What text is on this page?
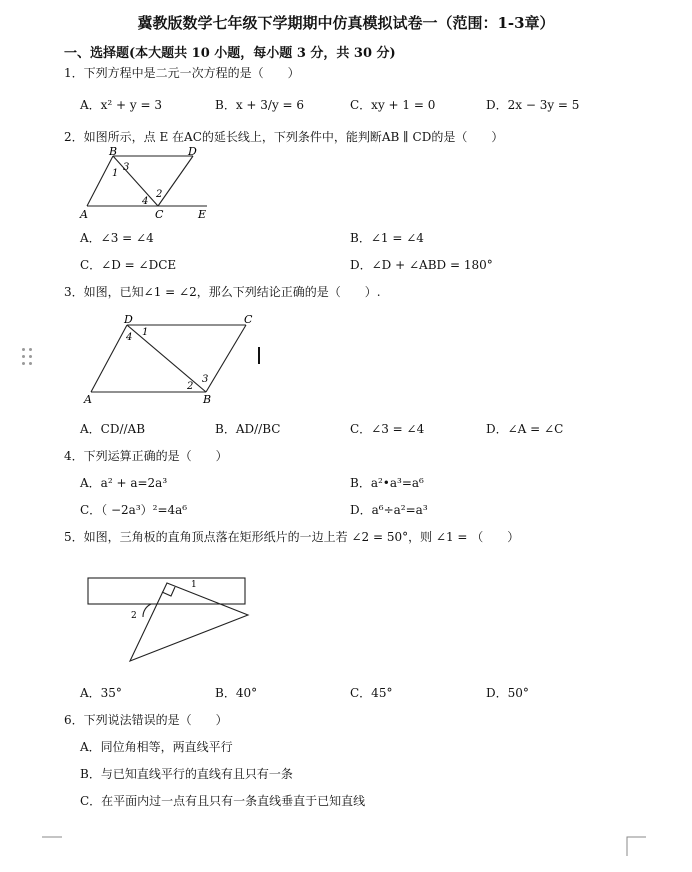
冀教版数学七年级下学期期中仿真模拟试卷一（范围：1-3章）
一、选择题(本大题共 10 小题，每小题 3 分，共 30 分)
1．下列方程中是二元一次方程的是（　　）
A．x² + y = 3	B．x + 3/y = 6	C．xy + 1 = 0	D．2x − 3y = 5
2．如图所示，点 E 在AC的延长线上，下列条件中，能判断AB ∥ CD的是（　　）
B	D
1
3
2
4
A	C	E
A．∠3 = ∠4	B．∠1 = ∠4
C．∠D = ∠DCE	D．∠D + ∠ABD = 180°
3．如图，已知∠1 = ∠2，那么下列结论正确的是（　　）.
D	C
1
4
2
3
A	B
A．CD//AB	B．AD//BC	C．∠3 = ∠4	D．∠A = ∠C
4．下列运算正确的是（　　）
A．a² + a=2a³	B．a²•a³=a⁶
C．（ −2a³）²=4a⁶	D．a⁶÷a²=a³
5．如图，三角板的直角顶点落在矩形纸片的一边上若 ∠2 = 50°，则 ∠1 = （　　）
1
2
A．35°	B．40°	C．45°	D．50°
6．下列说法错误的是（　　）
A．同位角相等，两直线平行
B．与已知直线平行的直线有且只有一条
C．在平面内过一点有且只有一条直线垂直于已知直线
